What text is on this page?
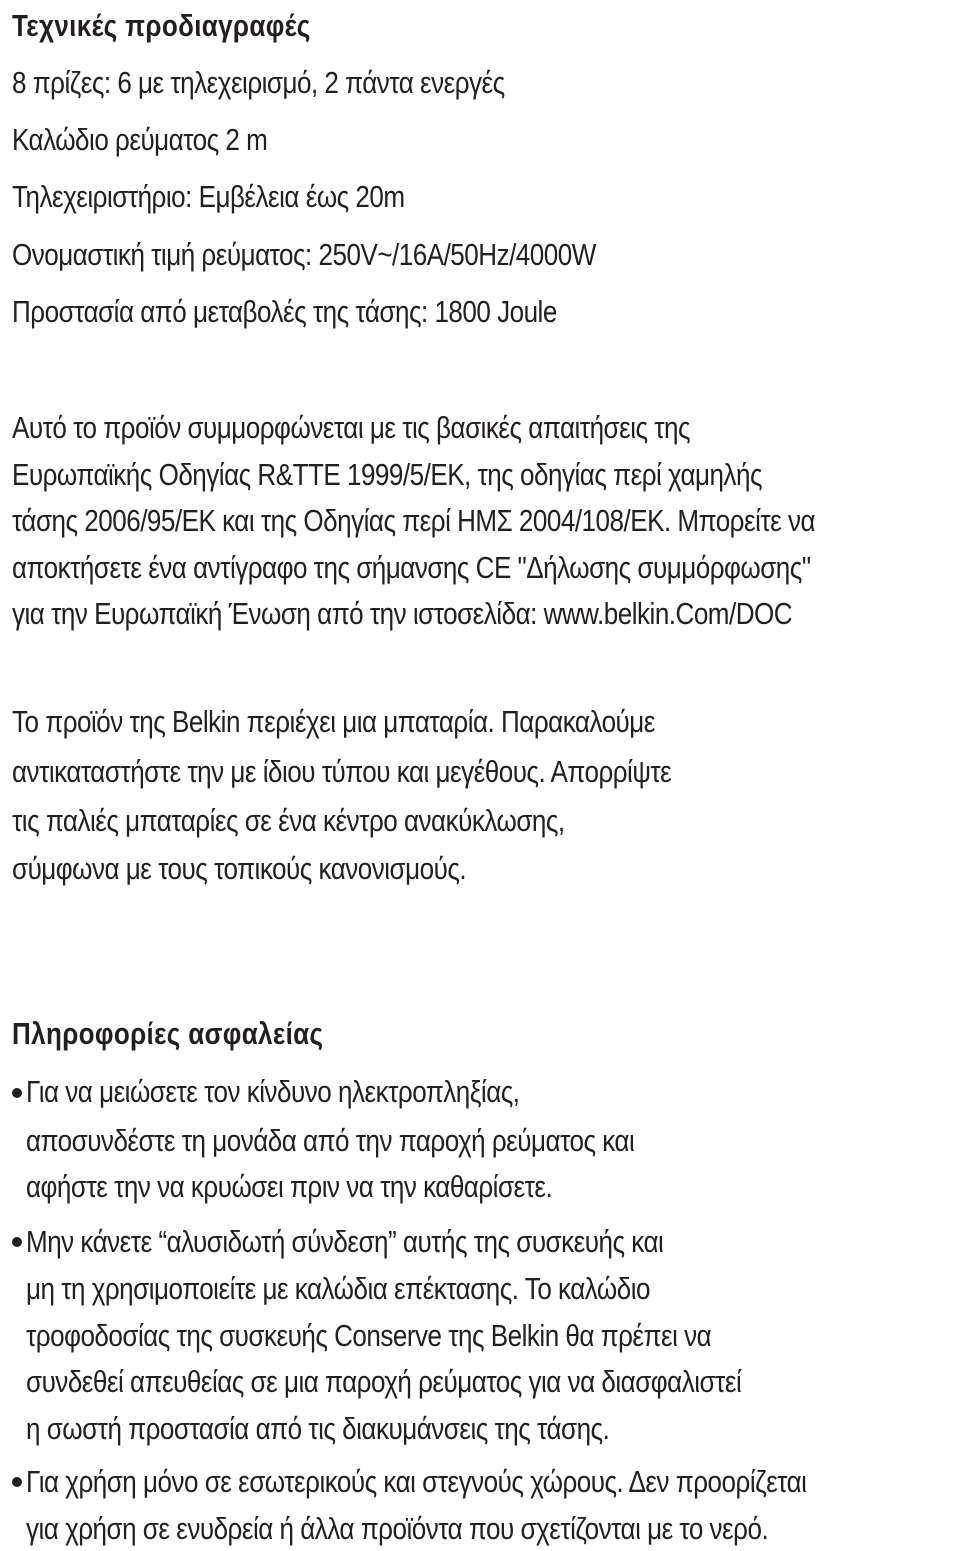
Τεχνικές προδιαγραφές
8 πρίζες: 6 με τηλεχειρισμό, 2 πάντα ενεργές
Καλώδιο ρεύματος 2 m
Τηλεχειριστήριο: Εμβέλεια έως 20m
Ονομαστική τιμή ρεύματος: 250V~/16A/50Hz/4000W
Προστασία από μεταβολές της τάσης: 1800 Joule
Αυτό το προϊόν συμμορφώνεται με τις βασικές απαιτήσεις της
Ευρωπαϊκής Οδηγίας R&TTE 1999/5/ΕΚ, της οδηγίας περί χαμηλής
τάσης 2006/95/ΕΚ και της Οδηγίας περί ΗΜΣ 2004/108/ΕΚ. Μπορείτε να
αποκτήσετε ένα αντίγραφο της σήμανσης CE "Δήλωσης συμμόρφωσης"
για την Ευρωπαϊκή Ένωση από την ιστοσελίδα: www.belkin.Com/DOC
Το προϊόν της Belkin περιέχει μια μπαταρία. Παρακαλούμε
αντικαταστήστε την με ίδιου τύπου και μεγέθους. Απορρίψτε
τις παλιές μπαταρίες σε ένα κέντρο ανακύκλωσης,
σύμφωνα με τους τοπικούς κανονισμούς.
Πληροφορίες ασφαλείας
Για να μειώσετε τον κίνδυνο ηλεκτροπληξίας,
αποσυνδέστε τη μονάδα από την παροχή ρεύματος και
αφήστε την να κρυώσει πριν να την καθαρίσετε.
Μην κάνετε “αλυσιδωτή σύνδεση” αυτής της συσκευής και
μη τη χρησιμοποιείτε με καλώδια επέκτασης. Το καλώδιο
τροφοδοσίας της συσκευής Conserve της Belkin θα πρέπει να
συνδεθεί απευθείας σε μια παροχή ρεύματος για να διασφαλιστεί
η σωστή προστασία από τις διακυμάνσεις της τάσης.
Για χρήση μόνο σε εσωτερικούς και στεγνούς χώρους. Δεν προορίζεται
για χρήση σε ενυδρεία ή άλλα προϊόντα που σχετίζονται με το νερό.
